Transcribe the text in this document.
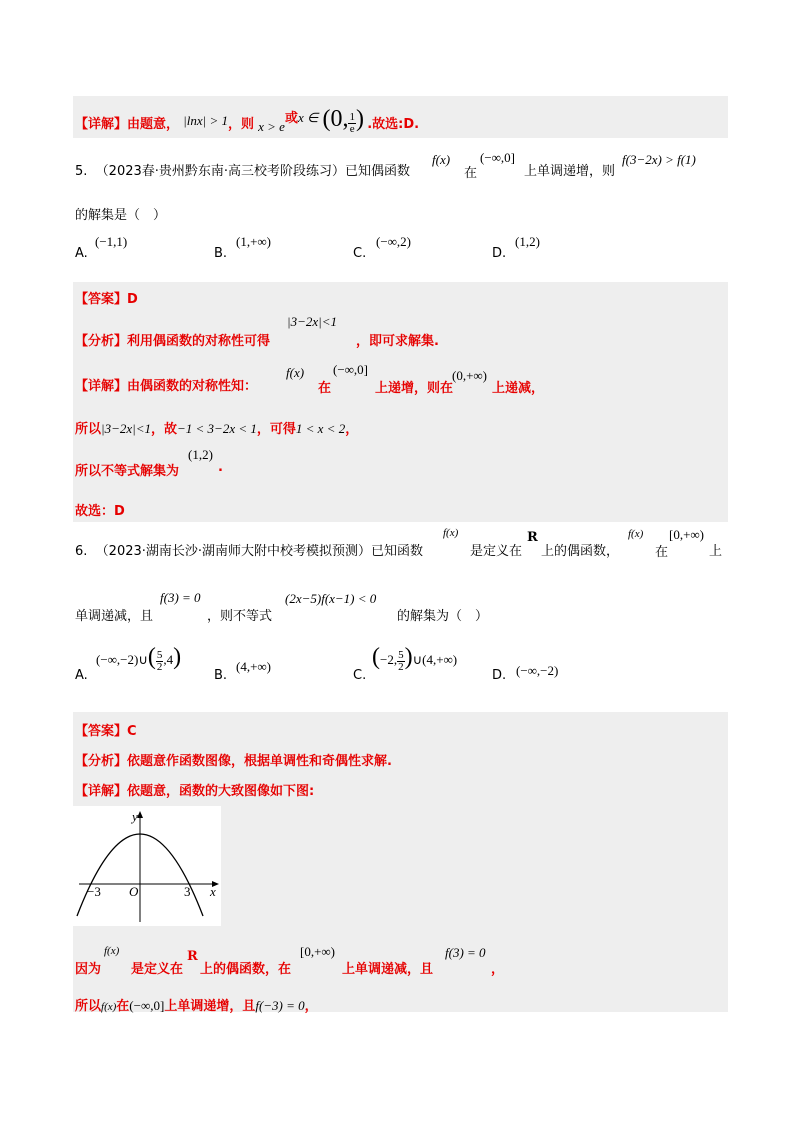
【详解】由题意， |lnx| > 1，则 x > e或x ∈ (0, $\frac{1}{e}$ ) .故选:D.
5. （2023春·贵州黔东南·高三校考阶段练习）已知偶函数
f(x)
在
(−∞,0]
上单调递增，则
f(3−2x) > f(1)
的解集是（　）
A.
(−1,1)
B.
(1,+∞)
C.
(−∞,2)
D.
(1,2)
【答案】D
【分析】利用偶函数的对称性可得
|3−2x|<1
，即可求解集.
【详解】由偶函数的对称性知：
f(x)
在
(−∞,0]
上递增，则在
(0,+∞)
上递减，
所以|3−2x|<1，故−1 < 3−2x < 1，可得1 < x < 2，
所以不等式解集为
(1,2)
.
故选：D
6. （2023·湖南长沙·湖南师大附中校考模拟预测）已知函数
f(x)
是定义在
R
上的偶函数，
f(x)
在
[0,+∞)
上
单调递减，且
f(3) = 0
，则不等式
(2x−5)f(x−1) < 0
的解集为（　）
A.
(−∞,−2)∪( $\frac{5}{2} ,4$)
B.
(4,+∞)
C.
(−2, $\frac{5}{2}$ )∪(4,+∞)
D. (−∞,−2)
【答案】C
【分析】依题意作函数图像，根据单调性和奇偶性求解.
【详解】依题意，函数的大致图像如下图:
y
x
O
−3	3
因为
f(x)
是定义在
R
上的偶函数，在
[0,+∞)
上单调递减，且
f(3) = 0
，
所以f(x)在(−∞,0]上单调递增，且f(−3) = 0，
